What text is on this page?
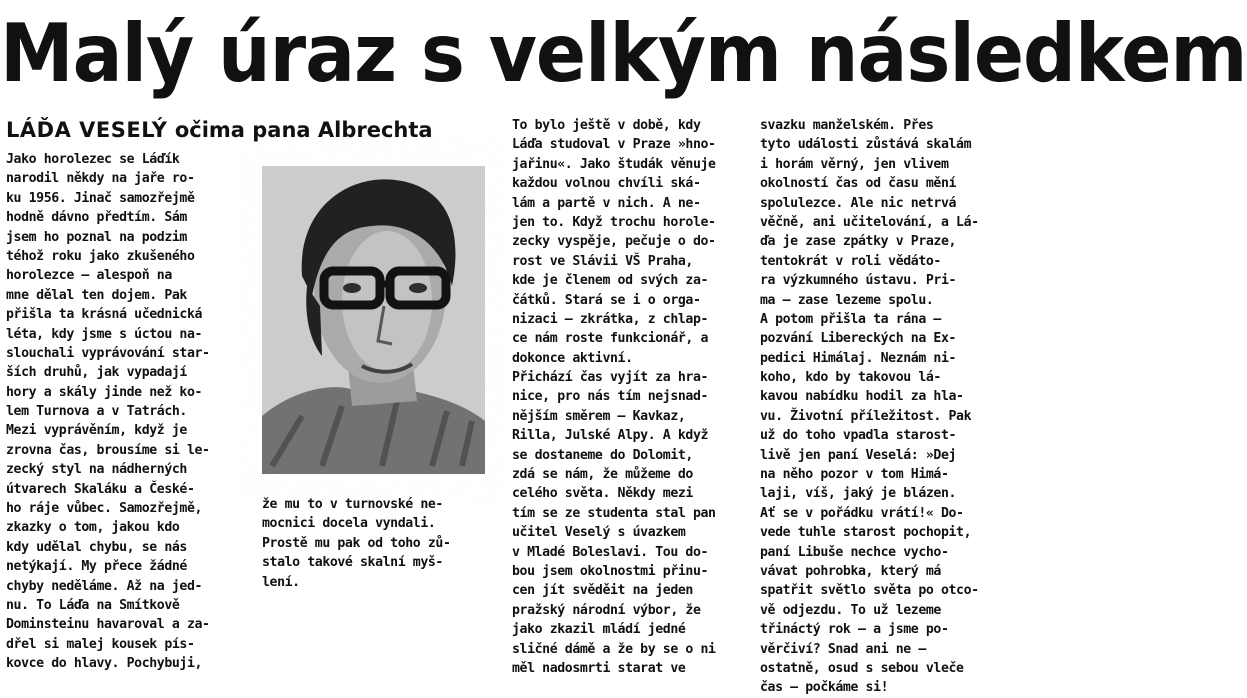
Malý úraz s velkým následkem
LÁĎA VESELÝ očima pana Albrechta
Jako horolezec se Láďík
narodil někdy na jaře ro-
ku 1956. Jinač samozřejmě
hodně dávno předtím. Sám
jsem ho poznal na podzim
téhož roku jako zkušeného
horolezce — alespoň na
mne dělal ten dojem. Pak
přišla ta krásná učednická
léta, kdy jsme s úctou na-
slouchali vyprávování star-
ších druhů, jak vypadají
hory a skály jinde než ko-
lem Turnova a v Tatrách.
Mezi vyprávěním, když je
zrovna čas, brousíme si le-
zecký styl na nádherných
útvarech Skaláku a České-
ho ráje vůbec. Samozřejmě,
zkazky o tom, jakou kdo
kdy udělal chybu, se nás
netýkají. My přece žádné
chyby neděláme. Až na jed-
nu. To Láďa na Smítkově
Dominsteinu havaroval a za-
dřel si malej kousek pís-
kovce do hlavy. Pochybuji,
že mu to v turnovské ne-
mocnici docela vyndali.
Prostě mu pak od toho zů-
stalo takové skalní myš-
lení.
To bylo ještě v době, kdy
Láďa studoval v Praze »hno-
jařinu«. Jako študák věnuje
každou volnou chvíli ská-
lám a partě v nich. A ne-
jen to. Když trochu horole-
zecky vyspěje, pečuje o do-
rost ve Slávii VŠ Praha,
kde je členem od svých za-
čátků. Stará se i o orga-
nizaci — zkrátka, z chlap-
ce nám roste funkcionář, a
dokonce aktivní.
Přichází čas vyjít za hra-
nice, pro nás tím nejsnad-
nějším směrem — Kavkaz,
Rilla, Julské Alpy. A když
se dostaneme do Dolomit,
zdá se nám, že můžeme do
celého světa. Někdy mezi
tím se ze studenta stal pan
učitel Veselý s úvazkem
v Mladé Boleslavi. Tou do-
bou jsem okolnostmi přinu-
cen jít svěděit na jeden
pražský národní výbor, že
jako zkazil mládí jedné
sličné dámě a že by se o ni
měl nadosmrti starat ve
svazku manželském. Přes
tyto události zůstává skalám
i horám věrný, jen vlivem
okolností čas od času mění
spolulezce. Ale nic netrvá
věčně, ani učitelování, a Lá-
ďa je zase zpátky v Praze,
tentokrát v roli vědáto-
ra výzkumného ústavu. Pri-
ma — zase lezeme spolu.
A potom přišla ta rána —
pozvání Libereckých na Ex-
pedici Himálaj. Neznám ni-
koho, kdo by takovou lá-
kavou nabídku hodil za hla-
vu. Životní příležitost. Pak
už do toho vpadla starost-
livě jen paní Veselá: »Dej
na něho pozor v tom Himá-
laji, víš, jaký je blázen.
Ať se v pořádku vrátí!« Do-
vede tuhle starost pochopit,
paní Libuše nechce vycho-
vávat pohrobka, který má
spatřit světlo světa po otco-
vě odjezdu. To už lezeme
třináctý rok — a jsme po-
věrčiví? Snad ani ne —
ostatně, osud s sebou vleče
čas — počkáme si!
